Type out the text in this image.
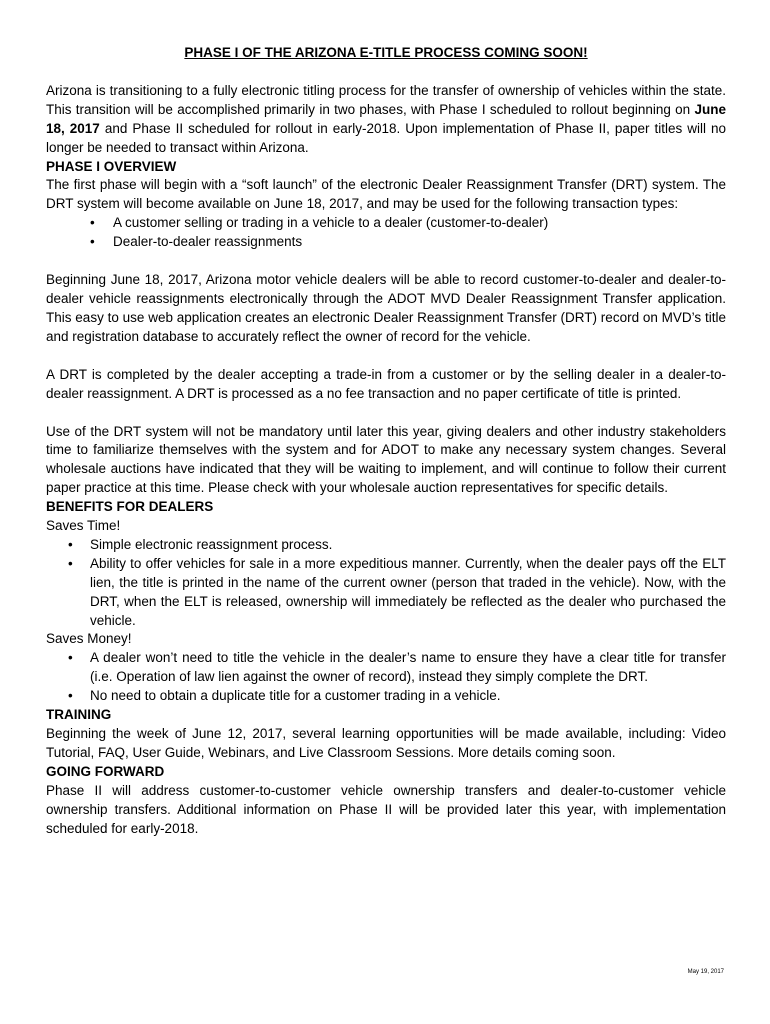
PHASE I OF THE ARIZONA E-TITLE PROCESS COMING SOON!

Arizona is transitioning to a fully electronic titling process for the transfer of ownership of vehicles within the state. This transition will be accomplished primarily in two phases, with Phase I scheduled to rollout beginning on June 18, 2017 and Phase II scheduled for rollout in early-2018. Upon implementation of Phase II, paper titles will no longer be needed to transact within Arizona.

PHASE I OVERVIEW

The first phase will begin with a “soft launch” of the electronic Dealer Reassignment Transfer (DRT) system. The DRT system will become available on June 18, 2017, and may be used for the following transaction types:

• A customer selling or trading in a vehicle to a dealer (customer-to-dealer)
• Dealer-to-dealer reassignments

Beginning June 18, 2017, Arizona motor vehicle dealers will be able to record customer-to-dealer and dealer-to-dealer vehicle reassignments electronically through the ADOT MVD Dealer Reassignment Transfer application. This easy to use web application creates an electronic Dealer Reassignment Transfer (DRT) record on MVD’s title and registration database to accurately reflect the owner of record for the vehicle.

A DRT is completed by the dealer accepting a trade-in from a customer or by the selling dealer in a dealer-to-dealer reassignment. A DRT is processed as a no fee transaction and no paper certificate of title is printed.

Use of the DRT system will not be mandatory until later this year, giving dealers and other industry stakeholders time to familiarize themselves with the system and for ADOT to make any necessary system changes. Several wholesale auctions have indicated that they will be waiting to implement, and will continue to follow their current paper practice at this time. Please check with your wholesale auction representatives for specific details.

BENEFITS FOR DEALERS
Saves Time!
• Simple electronic reassignment process.
• Ability to offer vehicles for sale in a more expeditious manner. Currently, when the dealer pays off the ELT lien, the title is printed in the name of the current owner (person that traded in the vehicle). Now, with the DRT, when the ELT is released, ownership will immediately be reflected as the dealer who purchased the vehicle.
Saves Money!
• A dealer won’t need to title the vehicle in the dealer’s name to ensure they have a clear title for transfer (i.e. Operation of law lien against the owner of record), instead they simply complete the DRT.
• No need to obtain a duplicate title for a customer trading in a vehicle.
TRAINING

Beginning the week of June 12, 2017, several learning opportunities will be made available, including: Video Tutorial, FAQ, User Guide, Webinars, and Live Classroom Sessions. More details coming soon.

GOING FORWARD

Phase II will address customer-to-customer vehicle ownership transfers and dealer-to-customer vehicle ownership transfers. Additional information on Phase II will be provided later this year, with implementation scheduled for early-2018.

May 19, 2017
